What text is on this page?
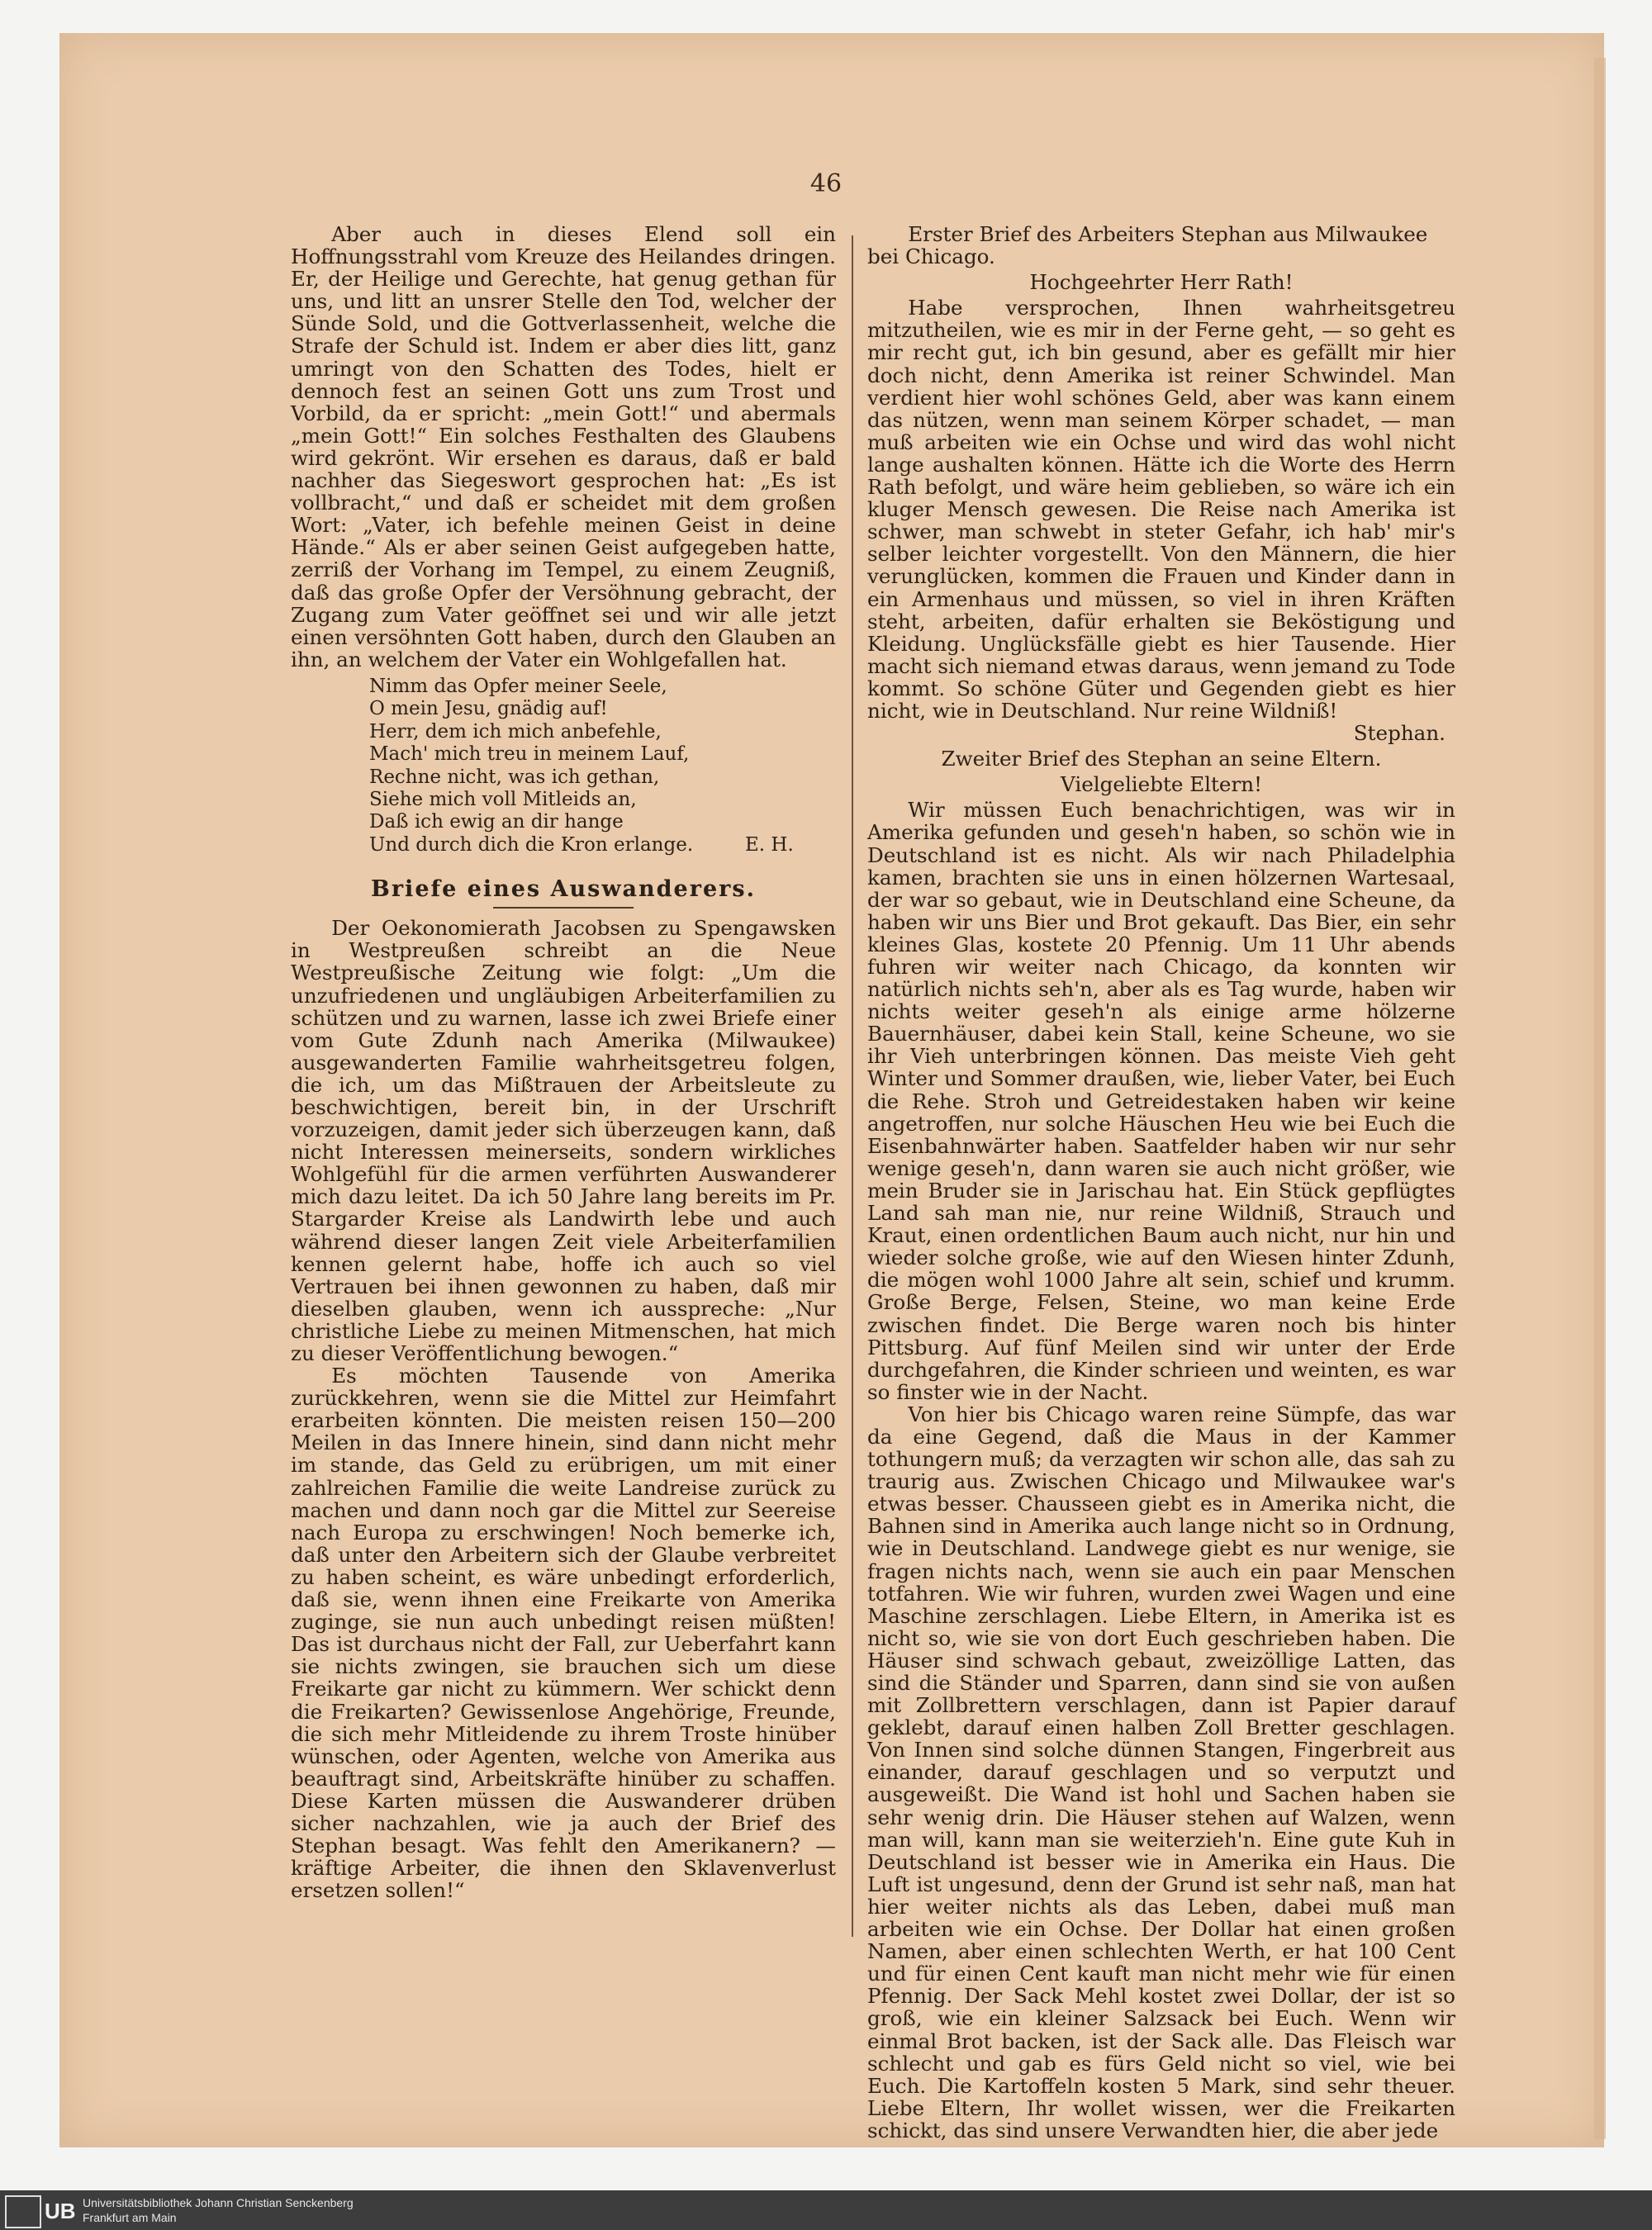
46

Aber auch in dieses Elend soll ein Hoffnungsstrahl vom Kreuze des Heilandes dringen. Er, der Heilige und Gerechte, hat genug gethan für uns, und litt an unsrer Stelle den Tod, welcher der Sünde Sold, und die Gottverlassenheit, welche die Strafe der Schuld ist. Indem er aber dies litt, ganz umringt von den Schatten des Todes, hielt er dennoch fest an seinen Gott uns zum Trost und Vorbild, da er spricht: „mein Gott!“ und abermals „mein Gott!“ Ein solches Festhalten des Glaubens wird gekrönt. Wir ersehen es daraus, daß er bald nachher das Siegeswort gesprochen hat: „Es ist vollbracht,“ und daß er scheidet mit dem großen Wort: „Vater, ich befehle meinen Geist in deine Hände.“ Als er aber seinen Geist aufgegeben hatte, zerriß der Vorhang im Tempel, zu einem Zeugniß, daß das große Opfer der Versöhnung gebracht, der Zugang zum Vater geöffnet sei und wir alle jetzt einen versöhnten Gott haben, durch den Glauben an ihn, an welchem der Vater ein Wohlgefallen hat.

Nimm das Opfer meiner Seele,
O mein Jesu, gnädig auf!
Herr, dem ich mich anbefehle,
Mach' mich treu in meinem Lauf,
Rechne nicht, was ich gethan,
Siehe mich voll Mitleids an,
Daß ich ewig an dir hange
Und durch dich die Kron erlange.	E. H.
Briefe eines Auswanderers.

Der Oekonomierath Jacobsen zu Spengawsken in Westpreußen schreibt an die Neue Westpreußische Zeitung wie folgt: „Um die unzufriedenen und ungläubigen Arbeiterfamilien zu schützen und zu warnen, lasse ich zwei Briefe einer vom Gute Zdunh nach Amerika (Milwaukee) ausgewanderten Familie wahrheitsgetreu folgen, die ich, um das Mißtrauen der Arbeitsleute zu beschwichtigen, bereit bin, in der Urschrift vorzuzeigen, damit jeder sich überzeugen kann, daß nicht Interessen meinerseits, sondern wirkliches Wohlgefühl für die armen verführten Auswanderer mich dazu leitet. Da ich 50 Jahre lang bereits im Pr. Stargarder Kreise als Landwirth lebe und auch während dieser langen Zeit viele Arbeiterfamilien kennen gelernt habe, hoffe ich auch so viel Vertrauen bei ihnen gewonnen zu haben, daß mir dieselben glauben, wenn ich ausspreche: „Nur christliche Liebe zu meinen Mitmenschen, hat mich zu dieser Veröffentlichung bewogen.“

Es möchten Tausende von Amerika zurückkehren, wenn sie die Mittel zur Heimfahrt erarbeiten könnten. Die meisten reisen 150—200 Meilen in das Innere hinein, sind dann nicht mehr im stande, das Geld zu erübrigen, um mit einer zahlreichen Familie die weite Landreise zurück zu machen und dann noch gar die Mittel zur Seereise nach Europa zu erschwingen! Noch bemerke ich, daß unter den Arbeitern sich der Glaube verbreitet zu haben scheint, es wäre unbedingt erforderlich, daß sie, wenn ihnen eine Freikarte von Amerika zuginge, sie nun auch unbedingt reisen müßten! Das ist durchaus nicht der Fall, zur Ueberfahrt kann sie nichts zwingen, sie brauchen sich um diese Freikarte gar nicht zu kümmern. Wer schickt denn die Freikarten? Gewissenlose Angehörige, Freunde, die sich mehr Mitleidende zu ihrem Troste hinüber wünschen, oder Agenten, welche von Amerika aus beauftragt sind, Arbeitskräfte hinüber zu schaffen. Diese Karten müssen die Auswanderer drüben sicher nachzahlen, wie ja auch der Brief des Stephan besagt. Was fehlt den Amerikanern? — kräftige Arbeiter, die ihnen den Sklavenverlust ersetzen sollen!“

Erster Brief des Arbeiters Stephan aus Milwaukee bei Chicago.

Hochgeehrter Herr Rath!

Habe versprochen, Ihnen wahrheitsgetreu mitzutheilen, wie es mir in der Ferne geht, — so geht es mir recht gut, ich bin gesund, aber es gefällt mir hier doch nicht, denn Amerika ist reiner Schwindel. Man verdient hier wohl schönes Geld, aber was kann einem das nützen, wenn man seinem Körper schadet, — man muß arbeiten wie ein Ochse und wird das wohl nicht lange aushalten können. Hätte ich die Worte des Herrn Rath befolgt, und wäre heim geblieben, so wäre ich ein kluger Mensch gewesen. Die Reise nach Amerika ist schwer, man schwebt in steter Gefahr, ich hab' mir's selber leichter vorgestellt. Von den Männern, die hier verunglücken, kommen die Frauen und Kinder dann in ein Armenhaus und müssen, so viel in ihren Kräften steht, arbeiten, dafür erhalten sie Beköstigung und Kleidung. Unglücksfälle giebt es hier Tausende. Hier macht sich niemand etwas daraus, wenn jemand zu Tode kommt. So schöne Güter und Gegenden giebt es hier nicht, wie in Deutschland. Nur reine Wildniß!

Stephan.
Zweiter Brief des Stephan an seine Eltern.
Vielgeliebte Eltern!

Wir müssen Euch benachrichtigen, was wir in Amerika gefunden und geseh'n haben, so schön wie in Deutschland ist es nicht. Als wir nach Philadelphia kamen, brachten sie uns in einen hölzernen Wartesaal, der war so gebaut, wie in Deutschland eine Scheune, da haben wir uns Bier und Brot gekauft. Das Bier, ein sehr kleines Glas, kostete 20 Pfennig. Um 11 Uhr abends fuhren wir weiter nach Chicago, da konnten wir natürlich nichts seh'n, aber als es Tag wurde, haben wir nichts weiter geseh'n als einige arme hölzerne Bauernhäuser, dabei kein Stall, keine Scheune, wo sie ihr Vieh unterbringen können. Das meiste Vieh geht Winter und Sommer draußen, wie, lieber Vater, bei Euch die Rehe. Stroh und Getreidestaken haben wir keine angetroffen, nur solche Häuschen Heu wie bei Euch die Eisenbahnwärter haben. Saatfelder haben wir nur sehr wenige geseh'n, dann waren sie auch nicht größer, wie mein Bruder sie in Jarischau hat. Ein Stück gepflügtes Land sah man nie, nur reine Wildniß, Strauch und Kraut, einen ordentlichen Baum auch nicht, nur hin und wieder solche große, wie auf den Wiesen hinter Zdunh, die mögen wohl 1000 Jahre alt sein, schief und krumm. Große Berge, Felsen, Steine, wo man keine Erde zwischen findet. Die Berge waren noch bis hinter Pittsburg. Auf fünf Meilen sind wir unter der Erde durchgefahren, die Kinder schrieen und weinten, es war so finster wie in der Nacht.

Von hier bis Chicago waren reine Sümpfe, das war da eine Gegend, daß die Maus in der Kammer tothungern muß; da verzagten wir schon alle, das sah zu traurig aus. Zwischen Chicago und Milwaukee war's etwas besser. Chausseen giebt es in Amerika nicht, die Bahnen sind in Amerika auch lange nicht so in Ordnung, wie in Deutschland. Landwege giebt es nur wenige, sie fragen nichts nach, wenn sie auch ein paar Menschen totfahren. Wie wir fuhren, wurden zwei Wagen und eine Maschine zerschlagen. Liebe Eltern, in Amerika ist es nicht so, wie sie von dort Euch geschrieben haben. Die Häuser sind schwach gebaut, zweizöllige Latten, das sind die Ständer und Sparren, dann sind sie von außen mit Zollbrettern verschlagen, dann ist Papier darauf geklebt, darauf einen halben Zoll Bretter geschlagen. Von Innen sind solche dünnen Stangen, Fingerbreit aus einander, darauf geschlagen und so verputzt und ausgeweißt. Die Wand ist hohl und Sachen haben sie sehr wenig drin. Die Häuser stehen auf Walzen, wenn man will, kann man sie weiterzieh'n. Eine gute Kuh in Deutschland ist besser wie in Amerika ein Haus. Die Luft ist ungesund, denn der Grund ist sehr naß, man hat hier weiter nichts als das Leben, dabei muß man arbeiten wie ein Ochse. Der Dollar hat einen großen Namen, aber einen schlechten Werth, er hat 100 Cent und für einen Cent kauft man nicht mehr wie für einen Pfennig. Der Sack Mehl kostet zwei Dollar, der ist so groß, wie ein kleiner Salzsack bei Euch. Wenn wir einmal Brot backen, ist der Sack alle. Das Fleisch war schlecht und gab es fürs Geld nicht so viel, wie bei Euch. Die Kartoffeln kosten 5 Mark, sind sehr theuer. Liebe Eltern, Ihr wollet wissen, wer die Freikarten schickt, das sind unsere Verwandten hier, die aber jede

UB Universitätsbibliothek Johann Christian Senckenberg
Frankfurt am Main
